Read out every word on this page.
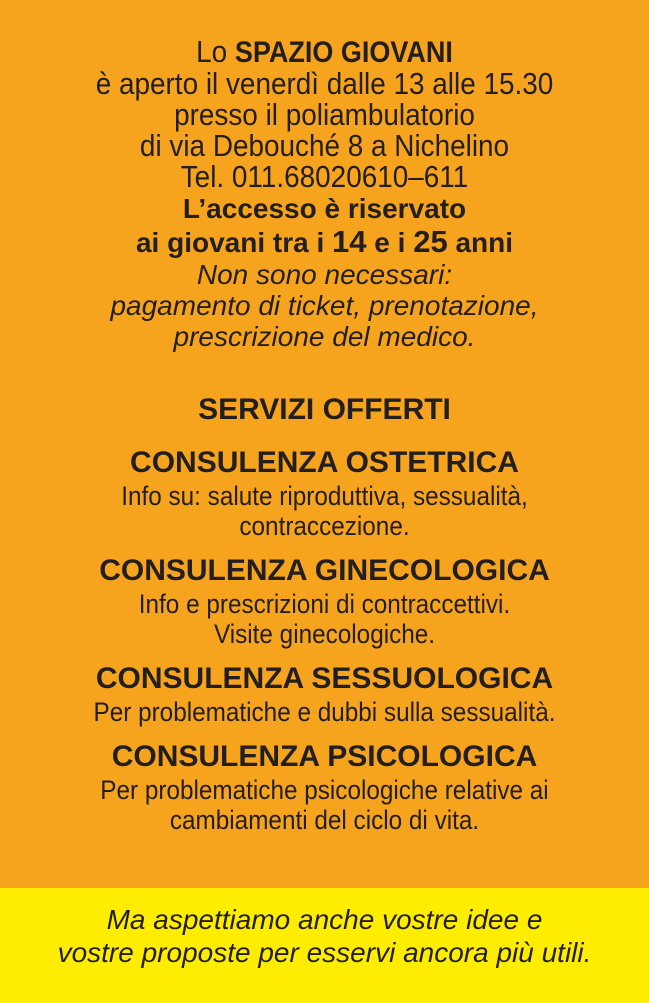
Lo SPAZIO GIOVANI
è aperto il venerdì dalle 13 alle 15.30
presso il poliambulatorio
di via Debouché 8 a Nichelino
Tel. 011.68020610–611
L’accesso è riservato
ai giovani tra i 14 e i 25 anni
Non sono necessari:
pagamento di ticket, prenotazione,
prescrizione del medico.
SERVIZI OFFERTI
CONSULENZA OSTETRICA
Info su: salute riproduttiva, sessualità,
contraccezione.
CONSULENZA GINECOLOGICA
Info e prescrizioni di contraccettivi.
Visite ginecologiche.
CONSULENZA SESSUOLOGICA
Per problematiche e dubbi sulla sessualità.
CONSULENZA PSICOLOGICA
Per problematiche psicologiche relative ai
cambiamenti del ciclo di vita.
Ma aspettiamo anche vostre idee e
vostre proposte per esservi ancora più utili.
